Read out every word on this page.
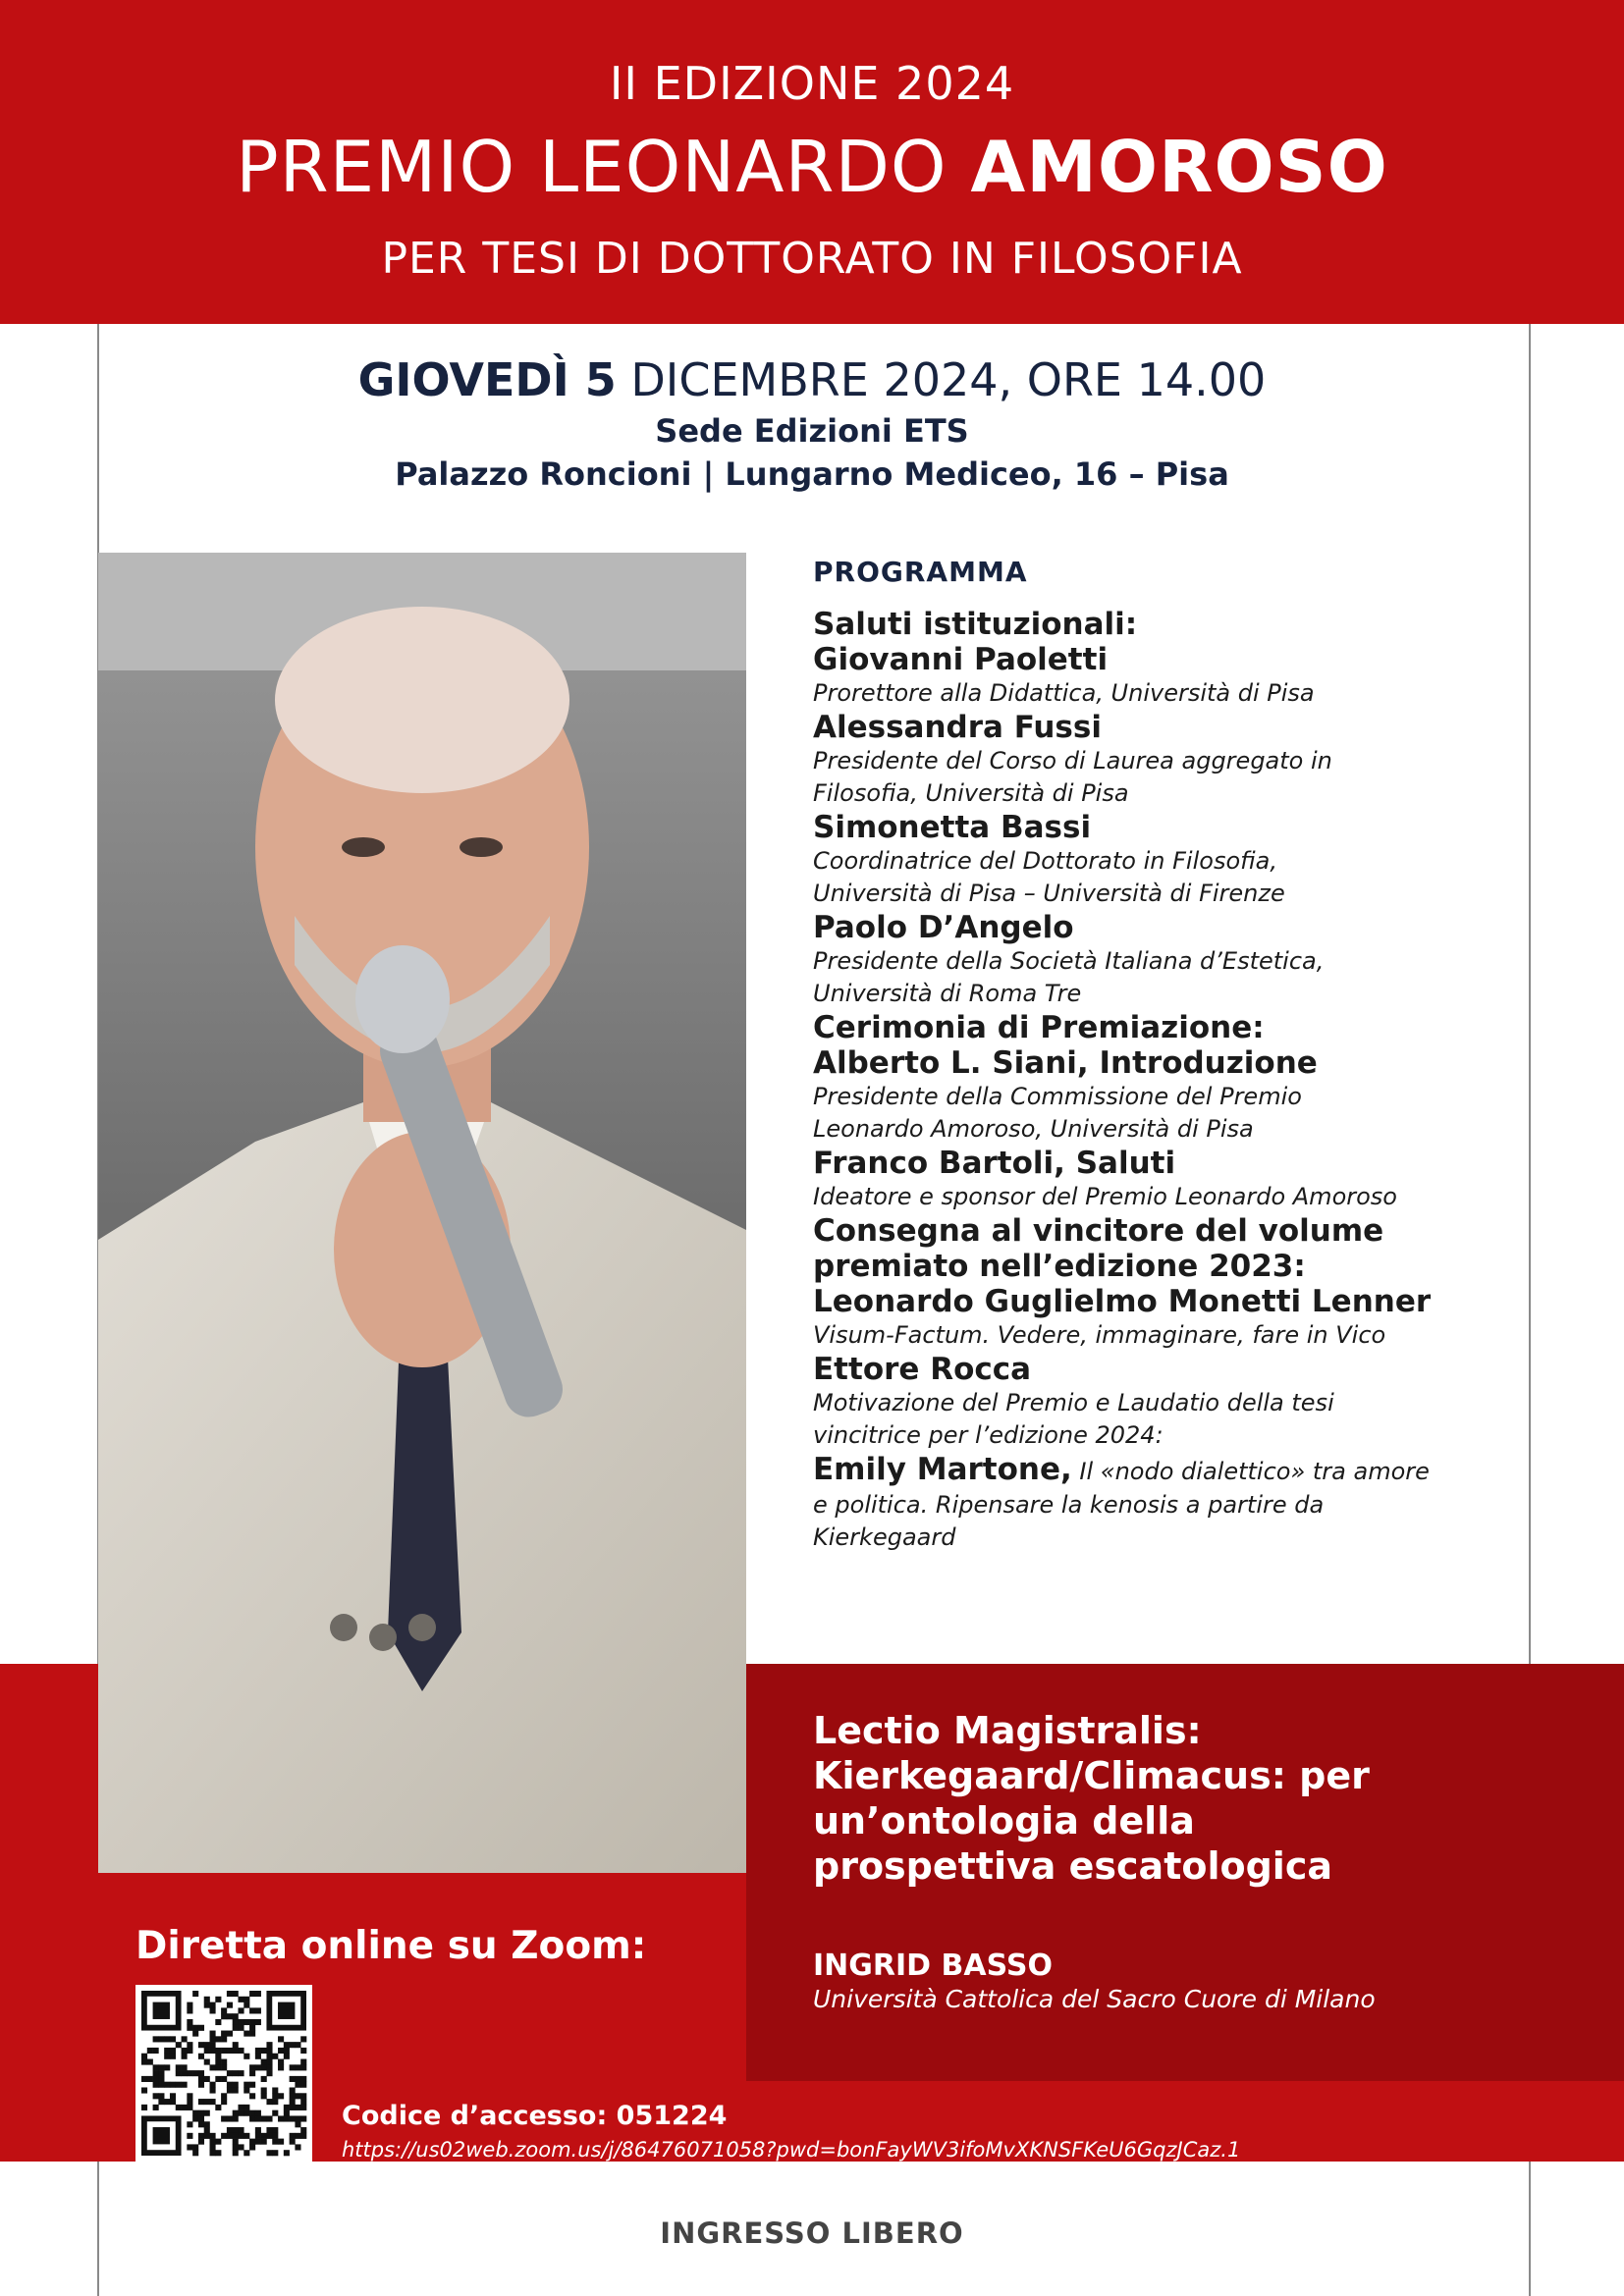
II EDIZIONE 2024
PREMIO LEONARDO AMOROSO
PER TESI DI DOTTORATO IN FILOSOFIA
GIOVEDÌ 5 DICEMBRE 2024, ORE 14.00
Sede Edizioni ETS
Palazzo Roncioni | Lungarno Mediceo, 16 – Pisa
PROGRAMMA
Saluti istituzionali:
Giovanni Paoletti
Prorettore alla Didattica, Università di Pisa
Alessandra Fussi
Presidente del Corso di Laurea aggregato in
Filosofia, Università di Pisa
Simonetta Bassi
Coordinatrice del Dottorato in Filosofia,
Università di Pisa – Università di Firenze
Paolo D’Angelo
Presidente della Società Italiana d’Estetica,
Università di Roma Tre
Cerimonia di Premiazione:
Alberto L. Siani, Introduzione
Presidente della Commissione del Premio
Leonardo Amoroso, Università di Pisa
Franco Bartoli, Saluti
Ideatore e sponsor del Premio Leonardo Amoroso
Consegna al vincitore del volume
premiato nell’edizione 2023:
Leonardo Guglielmo Monetti Lenner
Visum-Factum. Vedere, immaginare, fare in Vico
Ettore Rocca
Motivazione del Premio e Laudatio della tesi
vincitrice per l’edizione 2024:
Emily Martone, Il «nodo dialettico» tra amore
e politica. Ripensare la kenosis a partire da
Kierkegaard
Lectio Magistralis:
Kierkegaard/Climacus: per
un’ontologia della
prospettiva escatologica
INGRID BASSO
Università Cattolica del Sacro Cuore di Milano
Diretta online su Zoom:
Codice d’accesso: 051224
https://us02web.zoom.us/j/86476071058?pwd=bonFayWV3ifoMvXKNSFKeU6GqzJCaz.1
INGRESSO LIBERO
